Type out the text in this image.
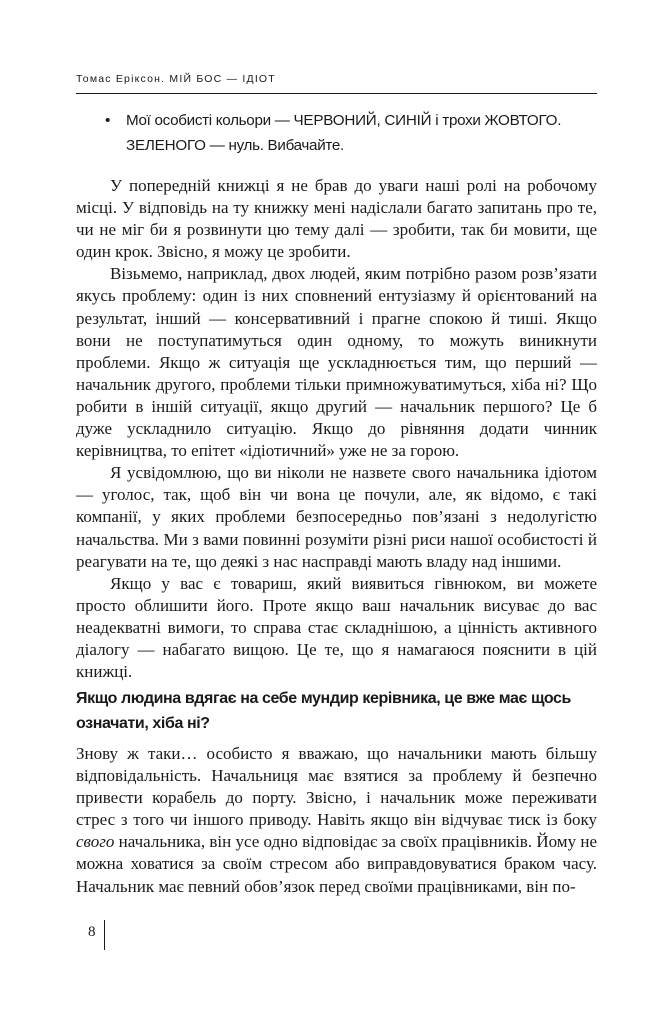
Томас Еріксон. МІЙ БОС — ІДІОТ
• Мої особисті кольори — ЧЕРВОНИЙ, СИНІЙ і трохи ЖОВТОГО. ЗЕЛЕНОГО — нуль. Вибачайте.

У попередній книжці я не брав до уваги наші ролі на робочому місці. У відповідь на ту книжку мені надіслали багато запитань про те, чи не міг би я розвинути цю тему далі — зробити, так би мовити, ще один крок. Звісно, я можу це зробити.

Візьмемо, наприклад, двох людей, яким потрібно разом розв’язати якусь проблему: один із них сповнений ентузіазму й орієнтований на результат, інший — консервативний і прагне спокою й тиші. Якщо вони не поступатимуться один одному, то можуть виникнути проблеми. Якщо ж ситуація ще ускладнюється тим, що перший — начальник другого, проблеми тільки примножуватимуться, хіба ні? Що робити в іншій ситуації, якщо другий — начальник першого? Це б дуже ускладнило ситуацію. Якщо до рівняння додати чинник керівництва, то епітет «ідіотичний» уже не за горою.

Я усвідомлюю, що ви ніколи не назвете свого начальника ідіотом — уголос, так, щоб він чи вона це почули, але, як відомо, є такі компанії, у яких проблеми безпосередньо пов’язані з недолугістю начальства. Ми з вами повинні розуміти різні риси нашої особистості й реагувати на те, що деякі з нас насправді мають владу над іншими.

Якщо у вас є товариш, який виявиться гівнюком, ви можете просто облишити його. Проте якщо ваш начальник висуває до вас неадекватні вимоги, то справа стає складнішою, а цінність активного діалогу — набагато вищою. Це те, що я намагаюся пояснити в цій книжці.

Якщо людина вдягає на себе мундир керівника, це вже має щось означати, хіба ні?

Знову ж таки… особисто я вважаю, що начальники мають більшу відповідальність. Начальниця має взятися за проблему й безпечно привести корабель до порту. Звісно, і начальник може переживати стрес з того чи іншого приводу. Навіть якщо він відчуває тиск із боку свого начальника, він усе одно відповідає за своїх працівників. Йому не можна ховатися за своїм стресом або виправдовуватися браком часу. Начальник має певний обов’язок перед своїми працівниками, він по-

8
